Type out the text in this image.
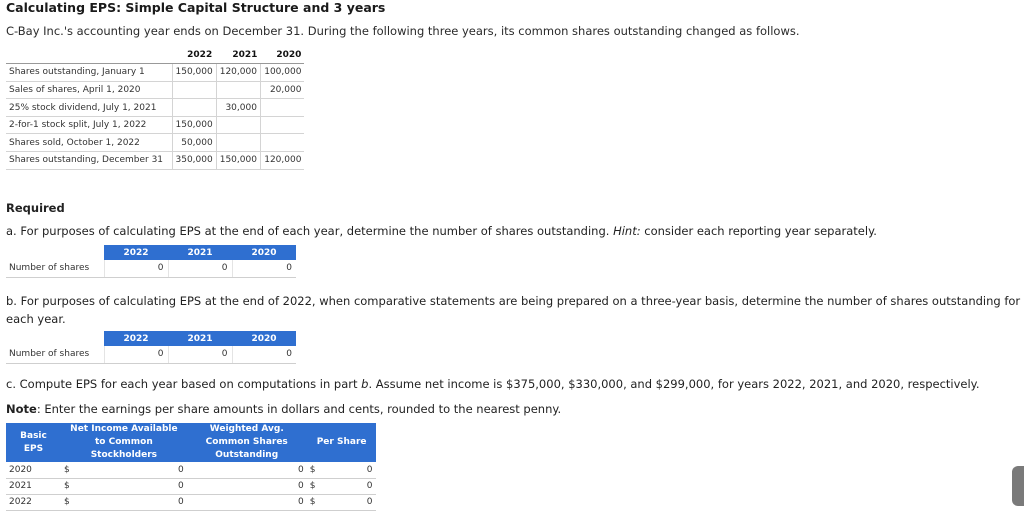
Calculating EPS: Simple Capital Structure and 3 years
C-Bay Inc.'s accounting year ends on December 31. During the following three years, its common shares outstanding changed as follows.
	2022	2021	2020
Shares outstanding, January 1	150,000	120,000	100,000
Sales of shares, April 1, 2020			20,000
25% stock dividend, July 1, 2021		30,000	
2-for-1 stock split, July 1, 2022	150,000		
Shares sold, October 1, 2022	50,000		
Shares outstanding, December 31	350,000	150,000	120,000
Required
a. For purposes of calculating EPS at the end of each year, determine the number of shares outstanding. Hint: consider each reporting year separately.
	2022	2021	2020
Number of shares	0	0	0
b. For purposes of calculating EPS at the end of 2022, when comparative statements are being prepared on a three-year basis, determine the number of shares outstanding for each year.
	2022	2021	2020
Number of shares	0	0	0
c. Compute EPS for each year based on computations in part b. Assume net income is $375,000, $330,000, and $299,000, for years 2022, 2021, and 2020, respectively.
Note: Enter the earnings per share amounts in dollars and cents, rounded to the nearest penny.
Basic EPS	Net Income Available to Common Stockholders		Weighted Avg. Common Shares Outstanding	Per Share	
2020	$	0	0	$	0
2021	$	0	0	$	0
2022	$	0	0	$	0
